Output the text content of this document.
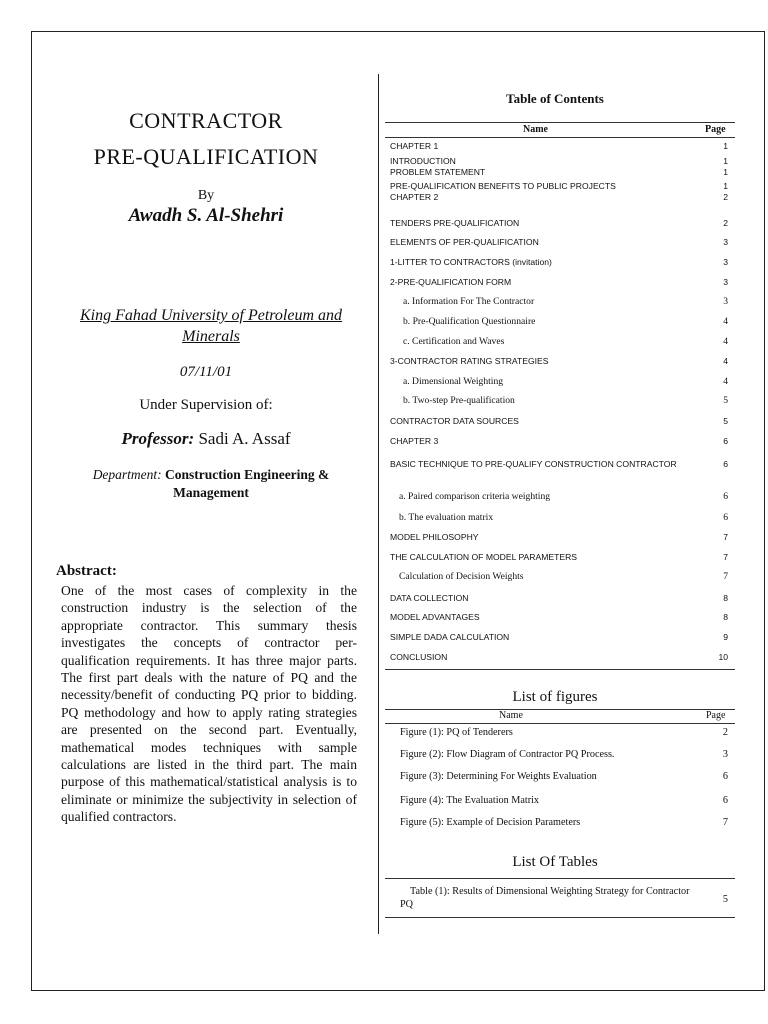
CONTRACTOR
PRE-QUALIFICATION
By
Awadh S. Al-Shehri
King Fahad University of Petroleum and Minerals
07/11/01
Under Supervision of:
Professor: Sadi A. Assaf
Department: Construction Engineering & Management
Abstract:
One of the most cases of complexity in the construction industry is the selection of the appropriate contractor. This summary thesis investigates the concepts of contractor per-qualification requirements. It has three major parts. The first part deals with the nature of PQ and the necessity/benefit of conducting PQ prior to bidding. PQ methodology and how to apply rating strategies are presented on the second part. Eventually, mathematical modes techniques with sample calculations are listed in the third part. The main purpose of this mathematical/statistical analysis is to eliminate or minimize the subjectivity in selection of qualified contractors.
Table of Contents
Name	Page
CHAPTER 1	1
INTRODUCTION	1
PROBLEM STATEMENT	1
PRE-QUALIFICATION BENEFITS TO PUBLIC PROJECTS	1
CHAPTER 2	2
TENDERS PRE-QUALIFICATION	2
ELEMENTS OF PER-QUALIFICATION	3
1-LITTER TO CONTRACTORS (invitation)	3
2-PRE-QUALIFICATION FORM	3
a. Information For The Contractor	3
b. Pre-Qualification Questionnaire	4
c. Certification and Waves	4
3-CONTRACTOR RATING STRATEGIES	4
a. Dimensional Weighting	4
b. Two-step Pre-qualification	5
CONTRACTOR DATA SOURCES	5
CHAPTER 3	6
BASIC TECHNIQUE TO PRE-QUALIFY CONSTRUCTION CONTRACTOR	6
a. Paired comparison criteria weighting	6
b. The evaluation matrix	6
MODEL PHILOSOPHY	7
THE CALCULATION OF MODEL PARAMETERS	7
Calculation of Decision Weights	7
DATA COLLECTION	8
MODEL ADVANTAGES	8
SIMPLE DADA CALCULATION	9
CONCLUSION	10
List of figures
Name	Page
Figure (1): PQ of Tenderers	2
Figure (2): Flow Diagram of Contractor PQ Process.	3
Figure (3): Determining For Weights Evaluation	6
Figure (4): The Evaluation Matrix	6
Figure (5): Example of Decision Parameters	7
List Of Tables
Table (1): Results of Dimensional Weighting Strategy for Contractor PQ	5
